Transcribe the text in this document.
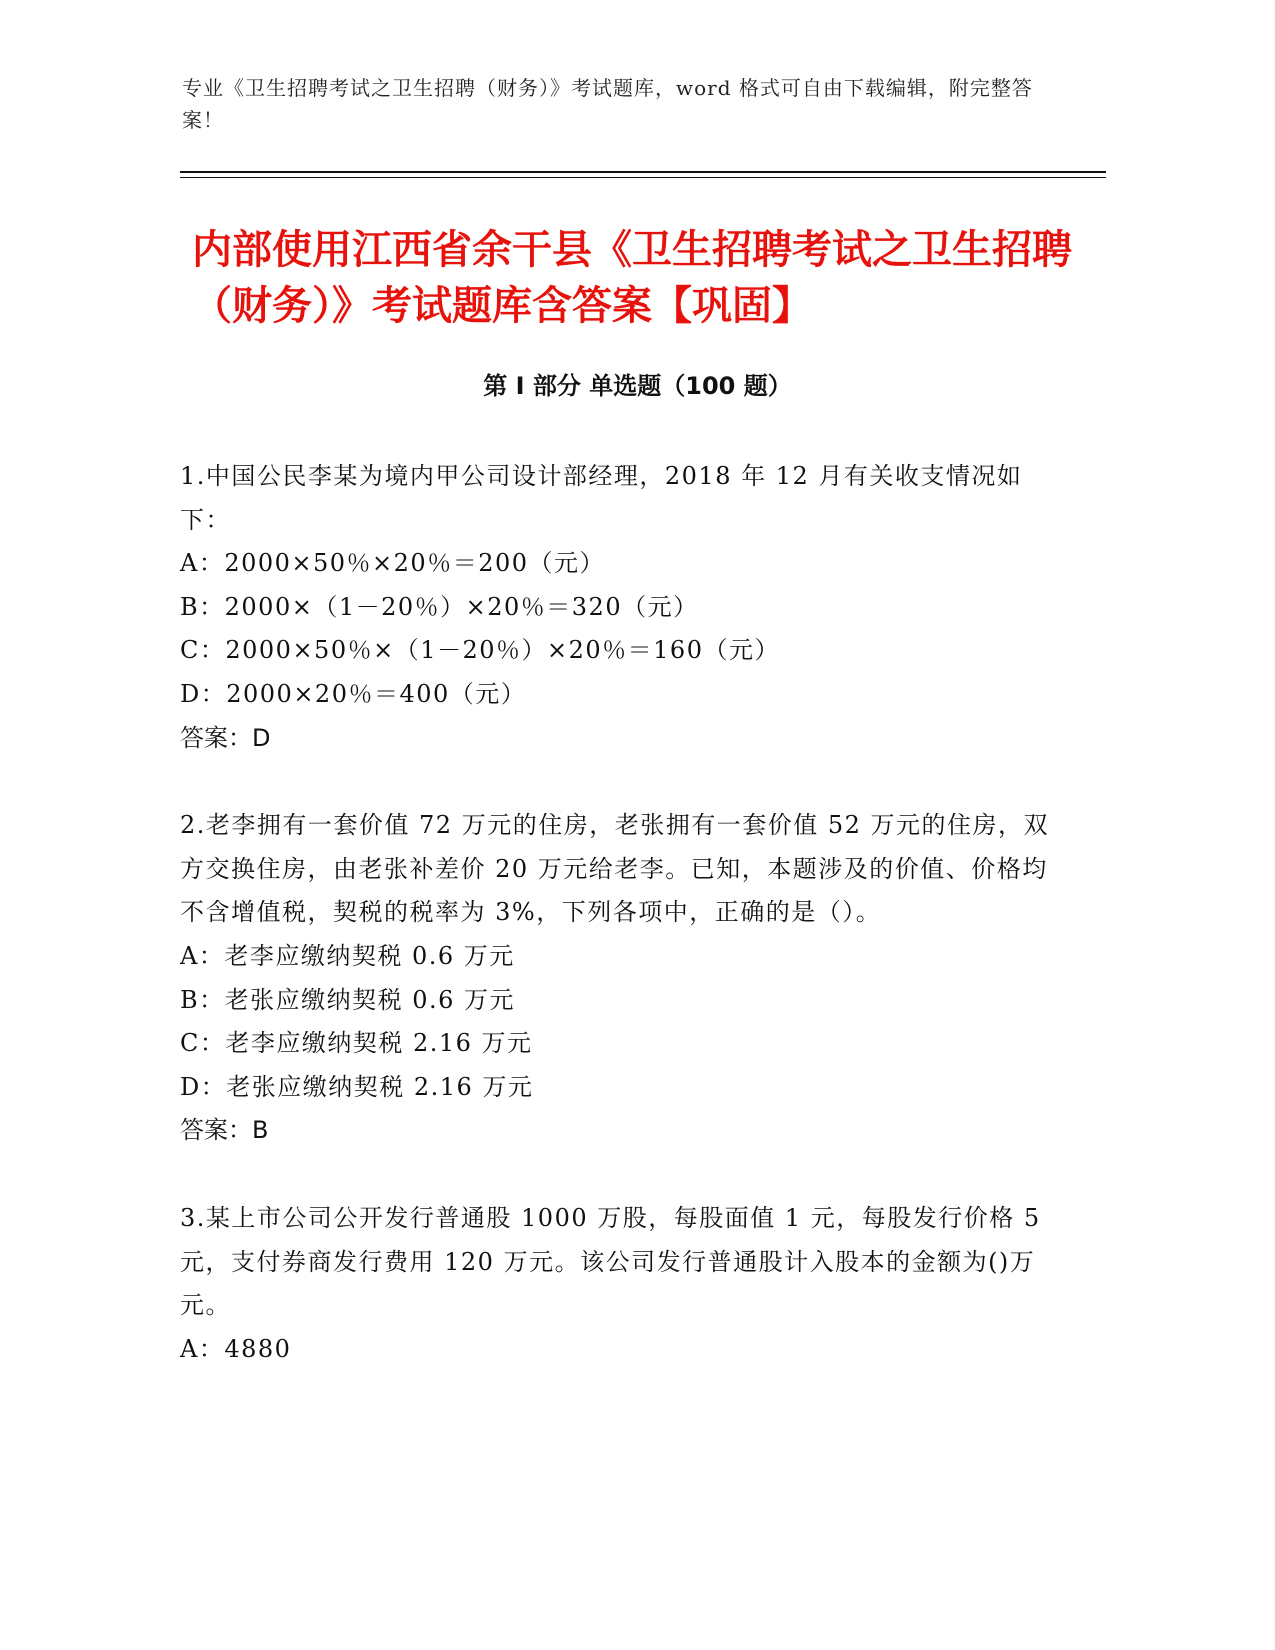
专业《卫生招聘考试之卫生招聘（财务）》考试题库，word 格式可自由下载编辑，附完整答案！
内部使用江西省余干县《卫生招聘考试之卫生招聘（财务）》考试题库含答案【巩固】
第 I 部分 单选题（100 题）

1.中国公民李某为境内甲公司设计部经理，2018 年 12 月有关收支情况如下：

A：2000×50％×20％＝200（元）

B：2000×（1－20％）×20％＝320（元）

C：2000×50％×（1－20％）×20％＝160（元）

D：2000×20％＝400（元）

答案：D

2.老李拥有一套价值 72 万元的住房，老张拥有一套价值 52 万元的住房，双方交换住房，由老张补差价 20 万元给老李。已知，本题涉及的价值、价格均不含增值税，契税的税率为 3%，下列各项中，正确的是（）。

A：老李应缴纳契税 0.6 万元

B：老张应缴纳契税 0.6 万元

C：老李应缴纳契税 2.16 万元

D：老张应缴纳契税 2.16 万元

答案：B

3.某上市公司公开发行普通股 1000 万股，每股面值 1 元，每股发行价格 5 元，支付券商发行费用 120 万元。该公司发行普通股计入股本的金额为()万元。

A：4880
